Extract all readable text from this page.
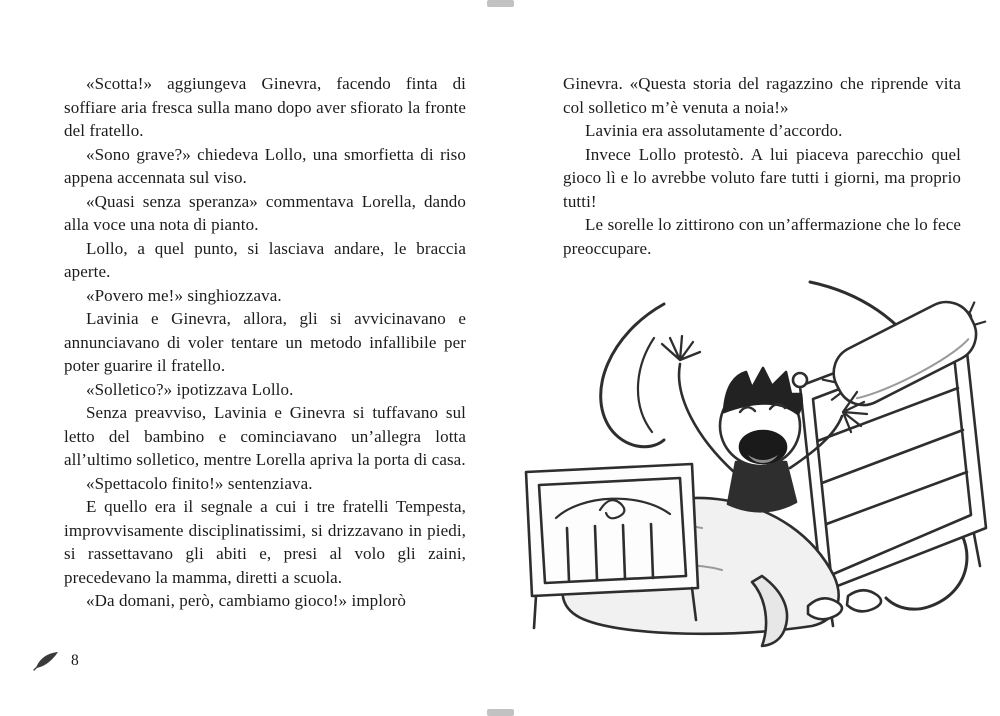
«Scotta!» aggiungeva Ginevra, facendo finta di soffiare aria fresca sulla mano dopo aver sfiorato la fronte del fratello.

«Sono grave?» chiedeva Lollo, una smorfietta di riso appena accennata sul viso.

«Quasi senza speranza» commentava Lorella, dando alla voce una nota di pianto.

Lollo, a quel punto, si lasciava andare, le braccia aperte.

«Povero me!» singhiozzava.

Lavinia e Ginevra, allora, gli si avvicinavano e annunciavano di voler tentare un metodo infallibile per poter guarire il fratello.

«Solletico?» ipotizzava Lollo.

Senza preavviso, Lavinia e Ginevra si tuffavano sul letto del bambino e cominciavano un’allegra lotta all’ultimo solletico, mentre Lorella apriva la porta di casa.

«Spettacolo finito!» sentenziava.

E quello era il segnale a cui i tre fratelli Tempesta, improvvisamente disciplinatissimi, si drizzavano in piedi, si rassettavano gli abiti e, presi al volo gli zaini, precedevano la mamma, diretti a scuola.

«Da domani, però, cambiamo gioco!» implorò

Ginevra. «Questa storia del ragazzino che riprende vita col solletico m’è venuta a noia!»

Lavinia era assolutamente d’accordo.

Invece Lollo protestò. A lui piaceva parecchio quel gioco lì e lo avrebbe voluto fare tutti i giorni, ma proprio tutti!

Le sorelle lo zittirono con un’affermazione che lo fece preoccupare.

8
